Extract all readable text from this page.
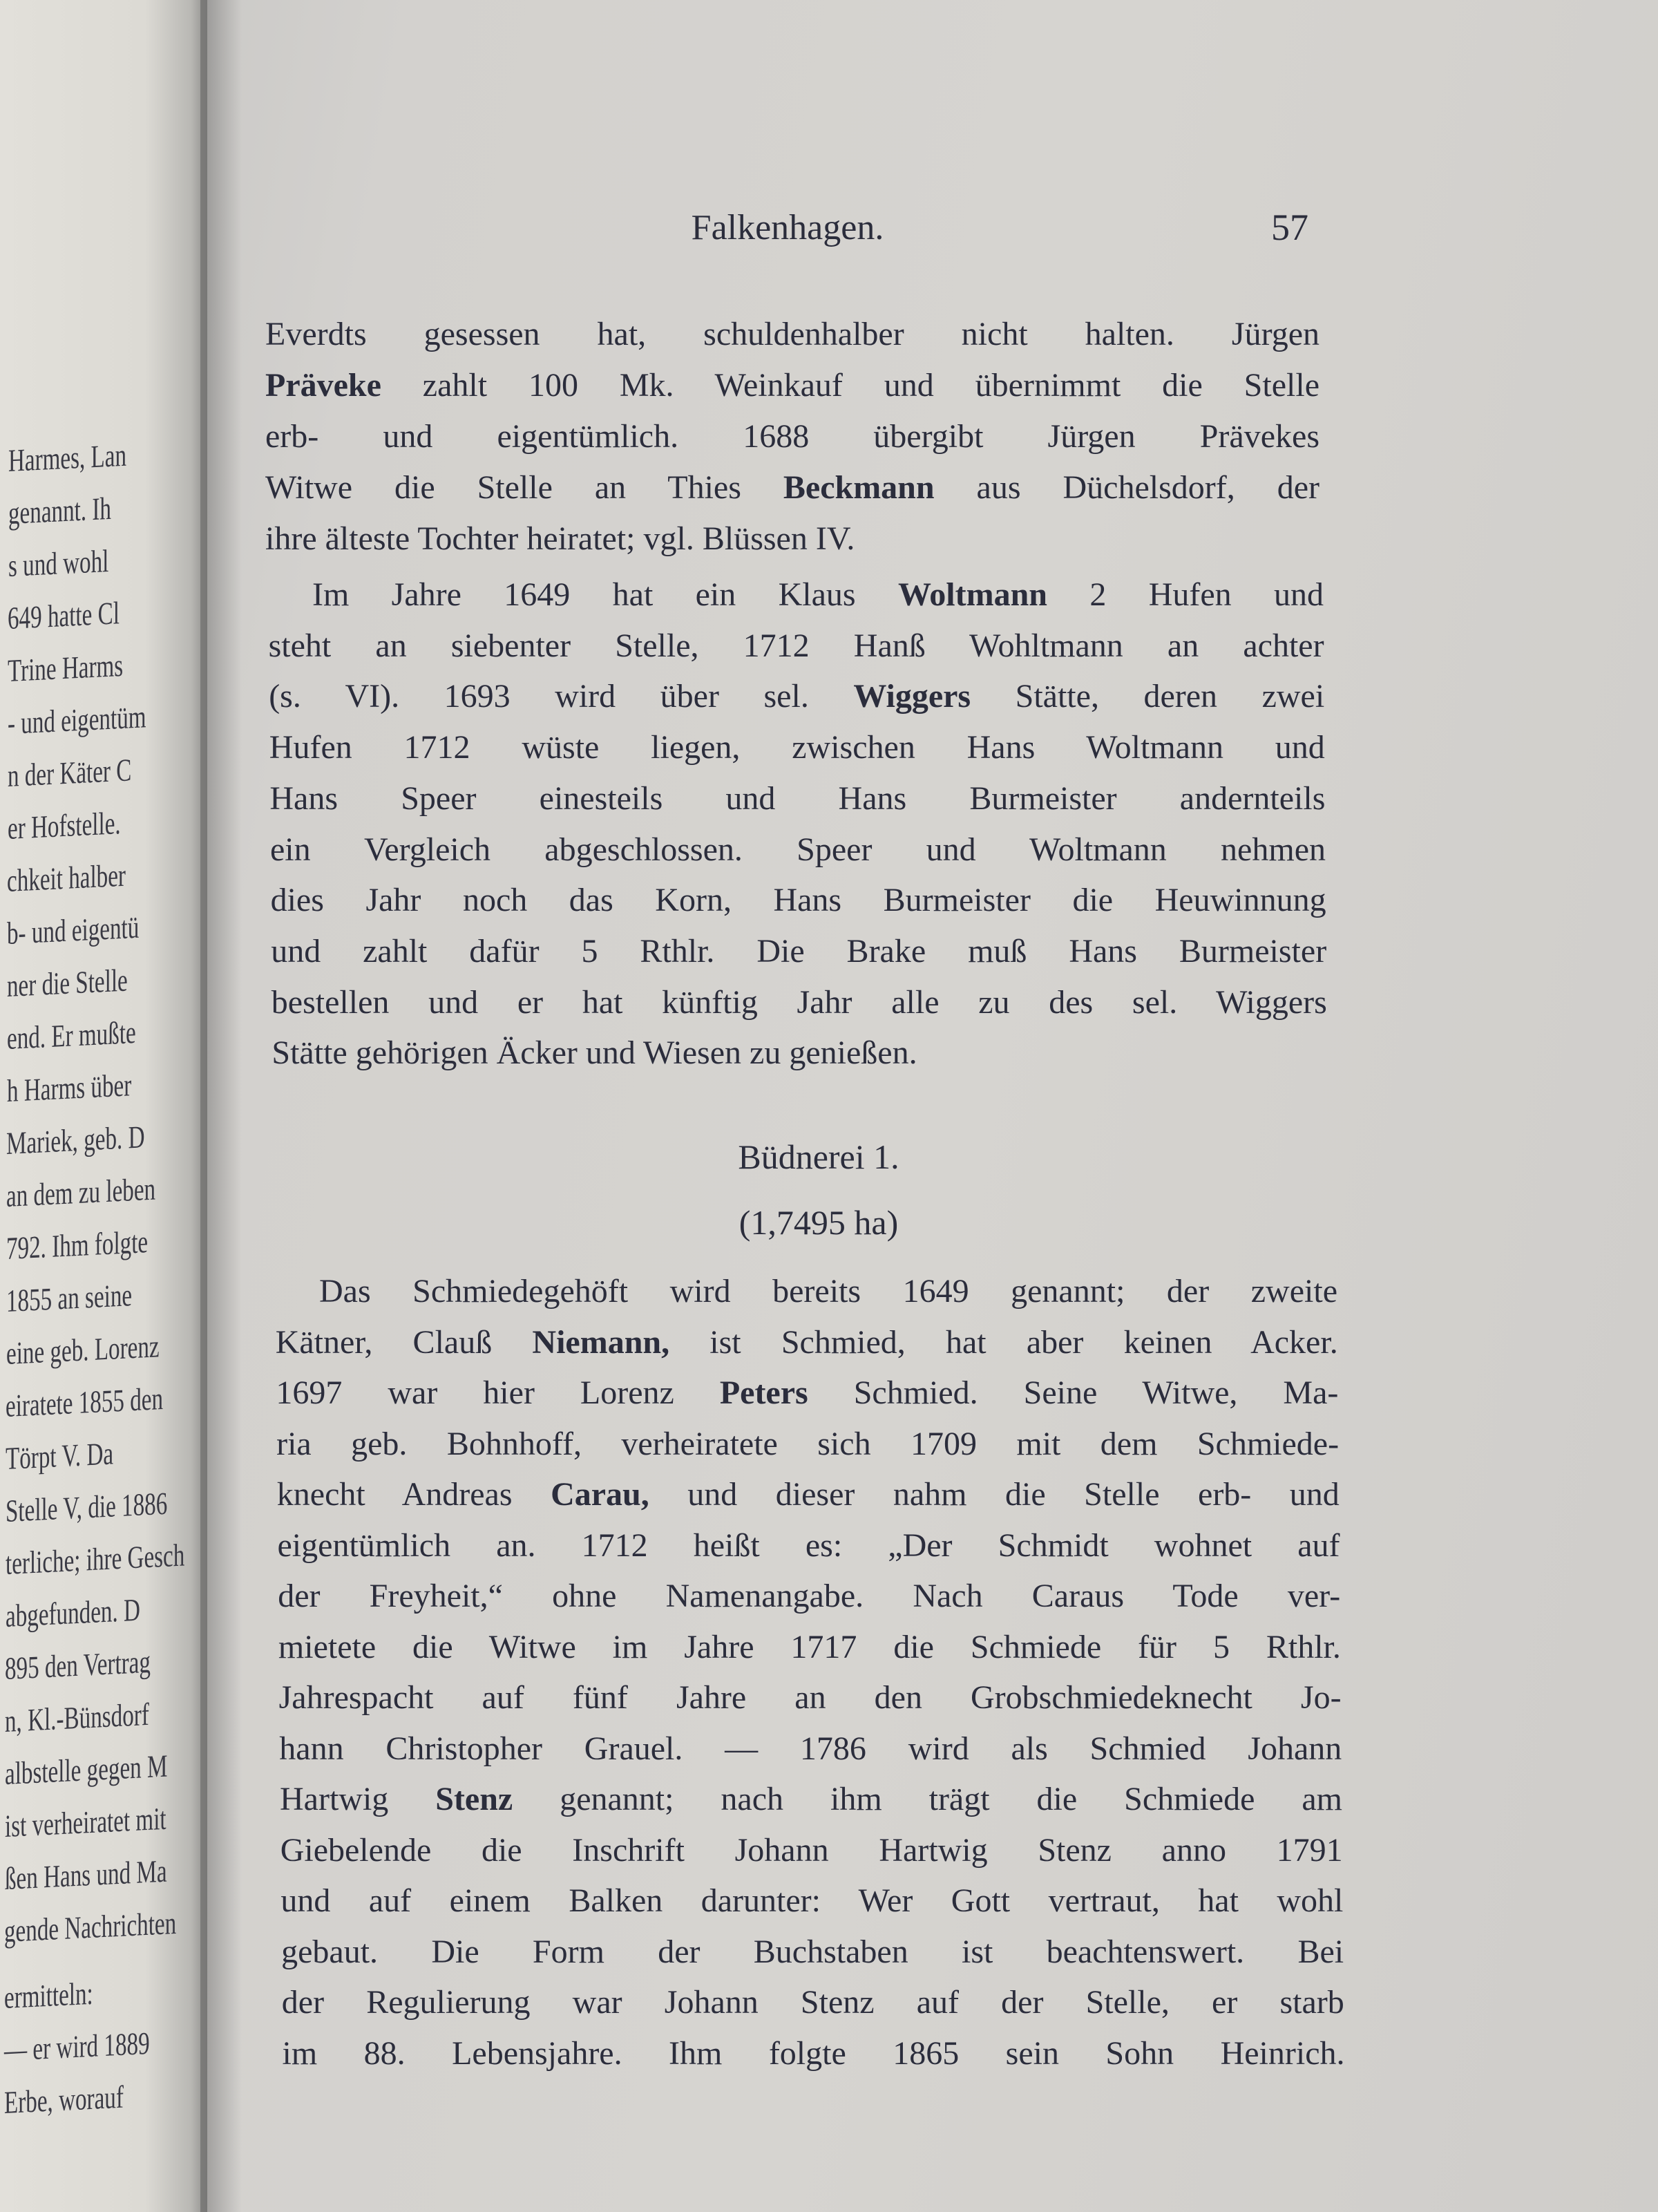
Harmes, Lan
genannt. Ih
s und wohl
649 hatte Cl
Trine Harms
- und eigentüm
n der Käter C
er Hofstelle.
chkeit halber
b- und eigentü
ner die Stelle
end. Er mußte
h Harms über
Mariek, geb. D
an dem zu leben
792. Ihm folgte
1855 an seine
eine geb. Lorenz
eiratete 1855 den
Törpt V. Da
Stelle V, die 1886
terliche; ihre Gesch
abgefunden. D
895 den Vertrag
n, Kl.-Bünsdorf
albstelle gegen M
ist verheiratet mit
ßen Hans und Ma
gende Nachrichten
ermitteln:
— er wird 1889
Erbe, worauf
Falkenhagen.	57
Everdts gesessen hat, schuldenhalber nicht halten. Jürgen
Präveke zahlt 100 Mk. Weinkauf und übernimmt die Stelle
erb- und eigentümlich. 1688 übergibt Jürgen Prävekes
Witwe die Stelle an Thies Beckmann aus Düchelsdorf, der
ihre älteste Tochter heiratet; vgl. Blüssen IV.
Im Jahre 1649 hat ein Klaus Woltmann 2 Hufen und
steht an siebenter Stelle, 1712 Hanß Wohltmann an achter
(s. VI). 1693 wird über sel. Wiggers Stätte, deren zwei
Hufen 1712 wüste liegen, zwischen Hans Woltmann und
Hans Speer einesteils und Hans Burmeister andernteils
ein Vergleich abgeschlossen. Speer und Woltmann nehmen
dies Jahr noch das Korn, Hans Burmeister die Heuwinnung
und zahlt dafür 5 Rthlr. Die Brake muß Hans Burmeister
bestellen und er hat künftig Jahr alle zu des sel. Wiggers
Stätte gehörigen Äcker und Wiesen zu genießen.
Das Schmiedegehöft wird bereits 1649 genannt; der zweite
Kätner, Clauß Niemann, ist Schmied, hat aber keinen Acker.
1697 war hier Lorenz Peters Schmied. Seine Witwe, Ma-
ria geb. Bohnhoff, verheiratete sich 1709 mit dem Schmiede-
knecht Andreas Carau, und dieser nahm die Stelle erb- und
eigentümlich an. 1712 heißt es: „Der Schmidt wohnet auf
der Freyheit,“ ohne Namenangabe. Nach Caraus Tode ver-
mietete die Witwe im Jahre 1717 die Schmiede für 5 Rthlr.
Jahrespacht auf fünf Jahre an den Grobschmiedeknecht Jo-
hann Christopher Grauel. — 1786 wird als Schmied Johann
Hartwig Stenz genannt; nach ihm trägt die Schmiede am
Giebelende die Inschrift Johann Hartwig Stenz anno 1791
und auf einem Balken darunter: Wer Gott vertraut, hat wohl
gebaut. Die Form der Buchstaben ist beachtenswert. Bei
der Regulierung war Johann Stenz auf der Stelle, er starb
im 88. Lebensjahre. Ihm folgte 1865 sein Sohn Heinrich.
Büdnerei 1.
(1,7495 ha)
